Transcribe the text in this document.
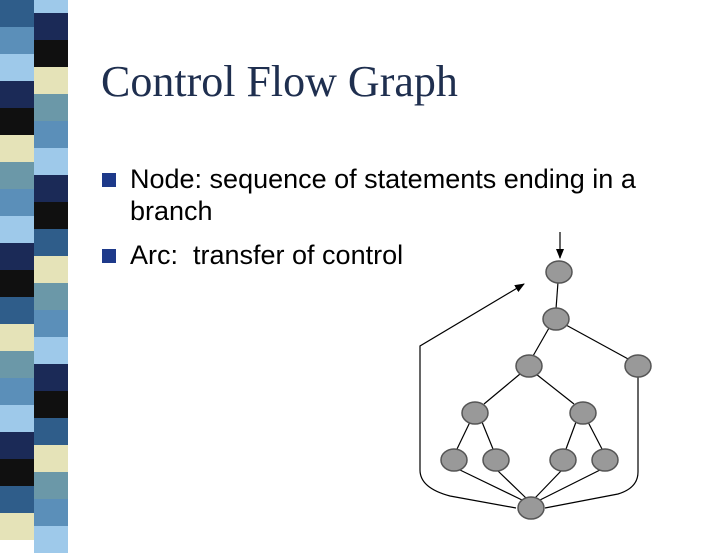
Control Flow Graph
Node: sequence of statements ending in a branch
Arc:  transfer of control
